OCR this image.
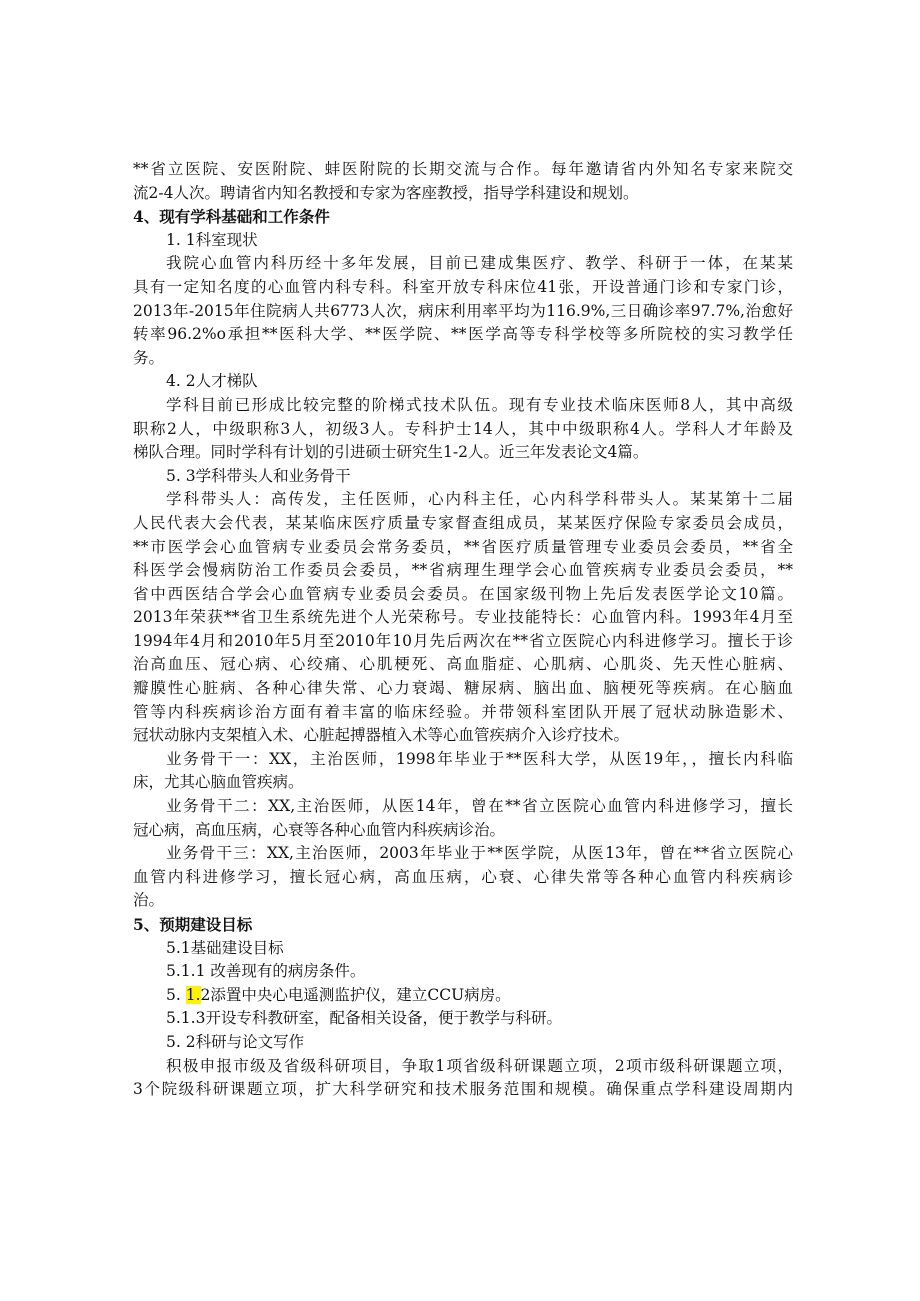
**省立医院、安医附院、蚌医附院的长期交流与合作。每年邀请省内外知名专家来院交
流2-4人次。聘请省内知名教授和专家为客座教授，指导学科建设和规划。
4、现有学科基础和工作条件
1. 1科室现状
我院心血管内科历经十多年发展，目前已建成集医疗、教学、科研于一体，在某某
具有一定知名度的心血管内科专科。科室开放专科床位41张，开设普通门诊和专家门诊，
2013年-2015年住院病人共6773人次，病床利用率平均为116.9%,三日确诊率97.7%,治愈好
转率96.2%o承担**医科大学、**医学院、**医学高等专科学校等多所院校的实习教学任
务。
4. 2人才梯队
学科目前已形成比较完整的阶梯式技术队伍。现有专业技术临床医师8人，其中高级
职称2人，中级职称3人，初级3人。专科护士14人，其中中级职称4人。学科人才年龄及
梯队合理。同时学科有计划的引进硕士研究生1-2人。近三年发表论文4篇。
5. 3学科带头人和业务骨干
学科带头人：高传发，主任医师，心内科主任，心内科学科带头人。某某第十二届
人民代表大会代表，某某临床医疗质量专家督查组成员，某某医疗保险专家委员会成员，
**市医学会心血管病专业委员会常务委员，**省医疗质量管理专业委员会委员，**省全
科医学会慢病防治工作委员会委员，**省病理生理学会心血管疾病专业委员会委员，**
省中西医结合学会心血管病专业委员会委员。在国家级刊物上先后发表医学论文10篇。
2013年荣获**省卫生系统先进个人光荣称号。专业技能特长：心血管内科。1993年4月至
1994年4月和2010年5月至2010年10月先后两次在**省立医院心内科进修学习。擅长于诊
治高血压、冠心病、心绞痛、心肌梗死、高血脂症、心肌病、心肌炎、先天性心脏病、
瓣膜性心脏病、各种心律失常、心力衰竭、糖尿病、脑出血、脑梗死等疾病。在心脑血
管等内科疾病诊治方面有着丰富的临床经验。并带领科室团队开展了冠状动脉造影术、
冠状动脉内支架植入术、心脏起搏器植入术等心血管疾病介入诊疗技术。
业务骨干一：XX，主治医师，1998年毕业于**医科大学，从医19年，，擅长内科临
床，尤其心脑血管疾病。
业务骨干二：XX,主治医师，从医14年，曾在**省立医院心血管内科进修学习，擅长
冠心病，高血压病，心衰等各种心血管内科疾病诊治。
业务骨干三：XX,主治医师，2003年毕业于**医学院，从医13年，曾在**省立医院心
血管内科进修学习，擅长冠心病，高血压病，心衰、心律失常等各种心血管内科疾病诊
治。
5、预期建设目标
5.1基础建设目标
5.1.1 改善现有的病房条件。
5. 1.2添置中央心电遥测监护仪，建立CCU病房。
5.1.3开设专科教研室，配备相关设备，便于教学与科研。
5. 2科研与论文写作
积极申报市级及省级科研项目，争取1项省级科研课题立项，2项市级科研课题立项，
3个院级科研课题立项，扩大科学研究和技术服务范围和规模。确保重点学科建设周期内
